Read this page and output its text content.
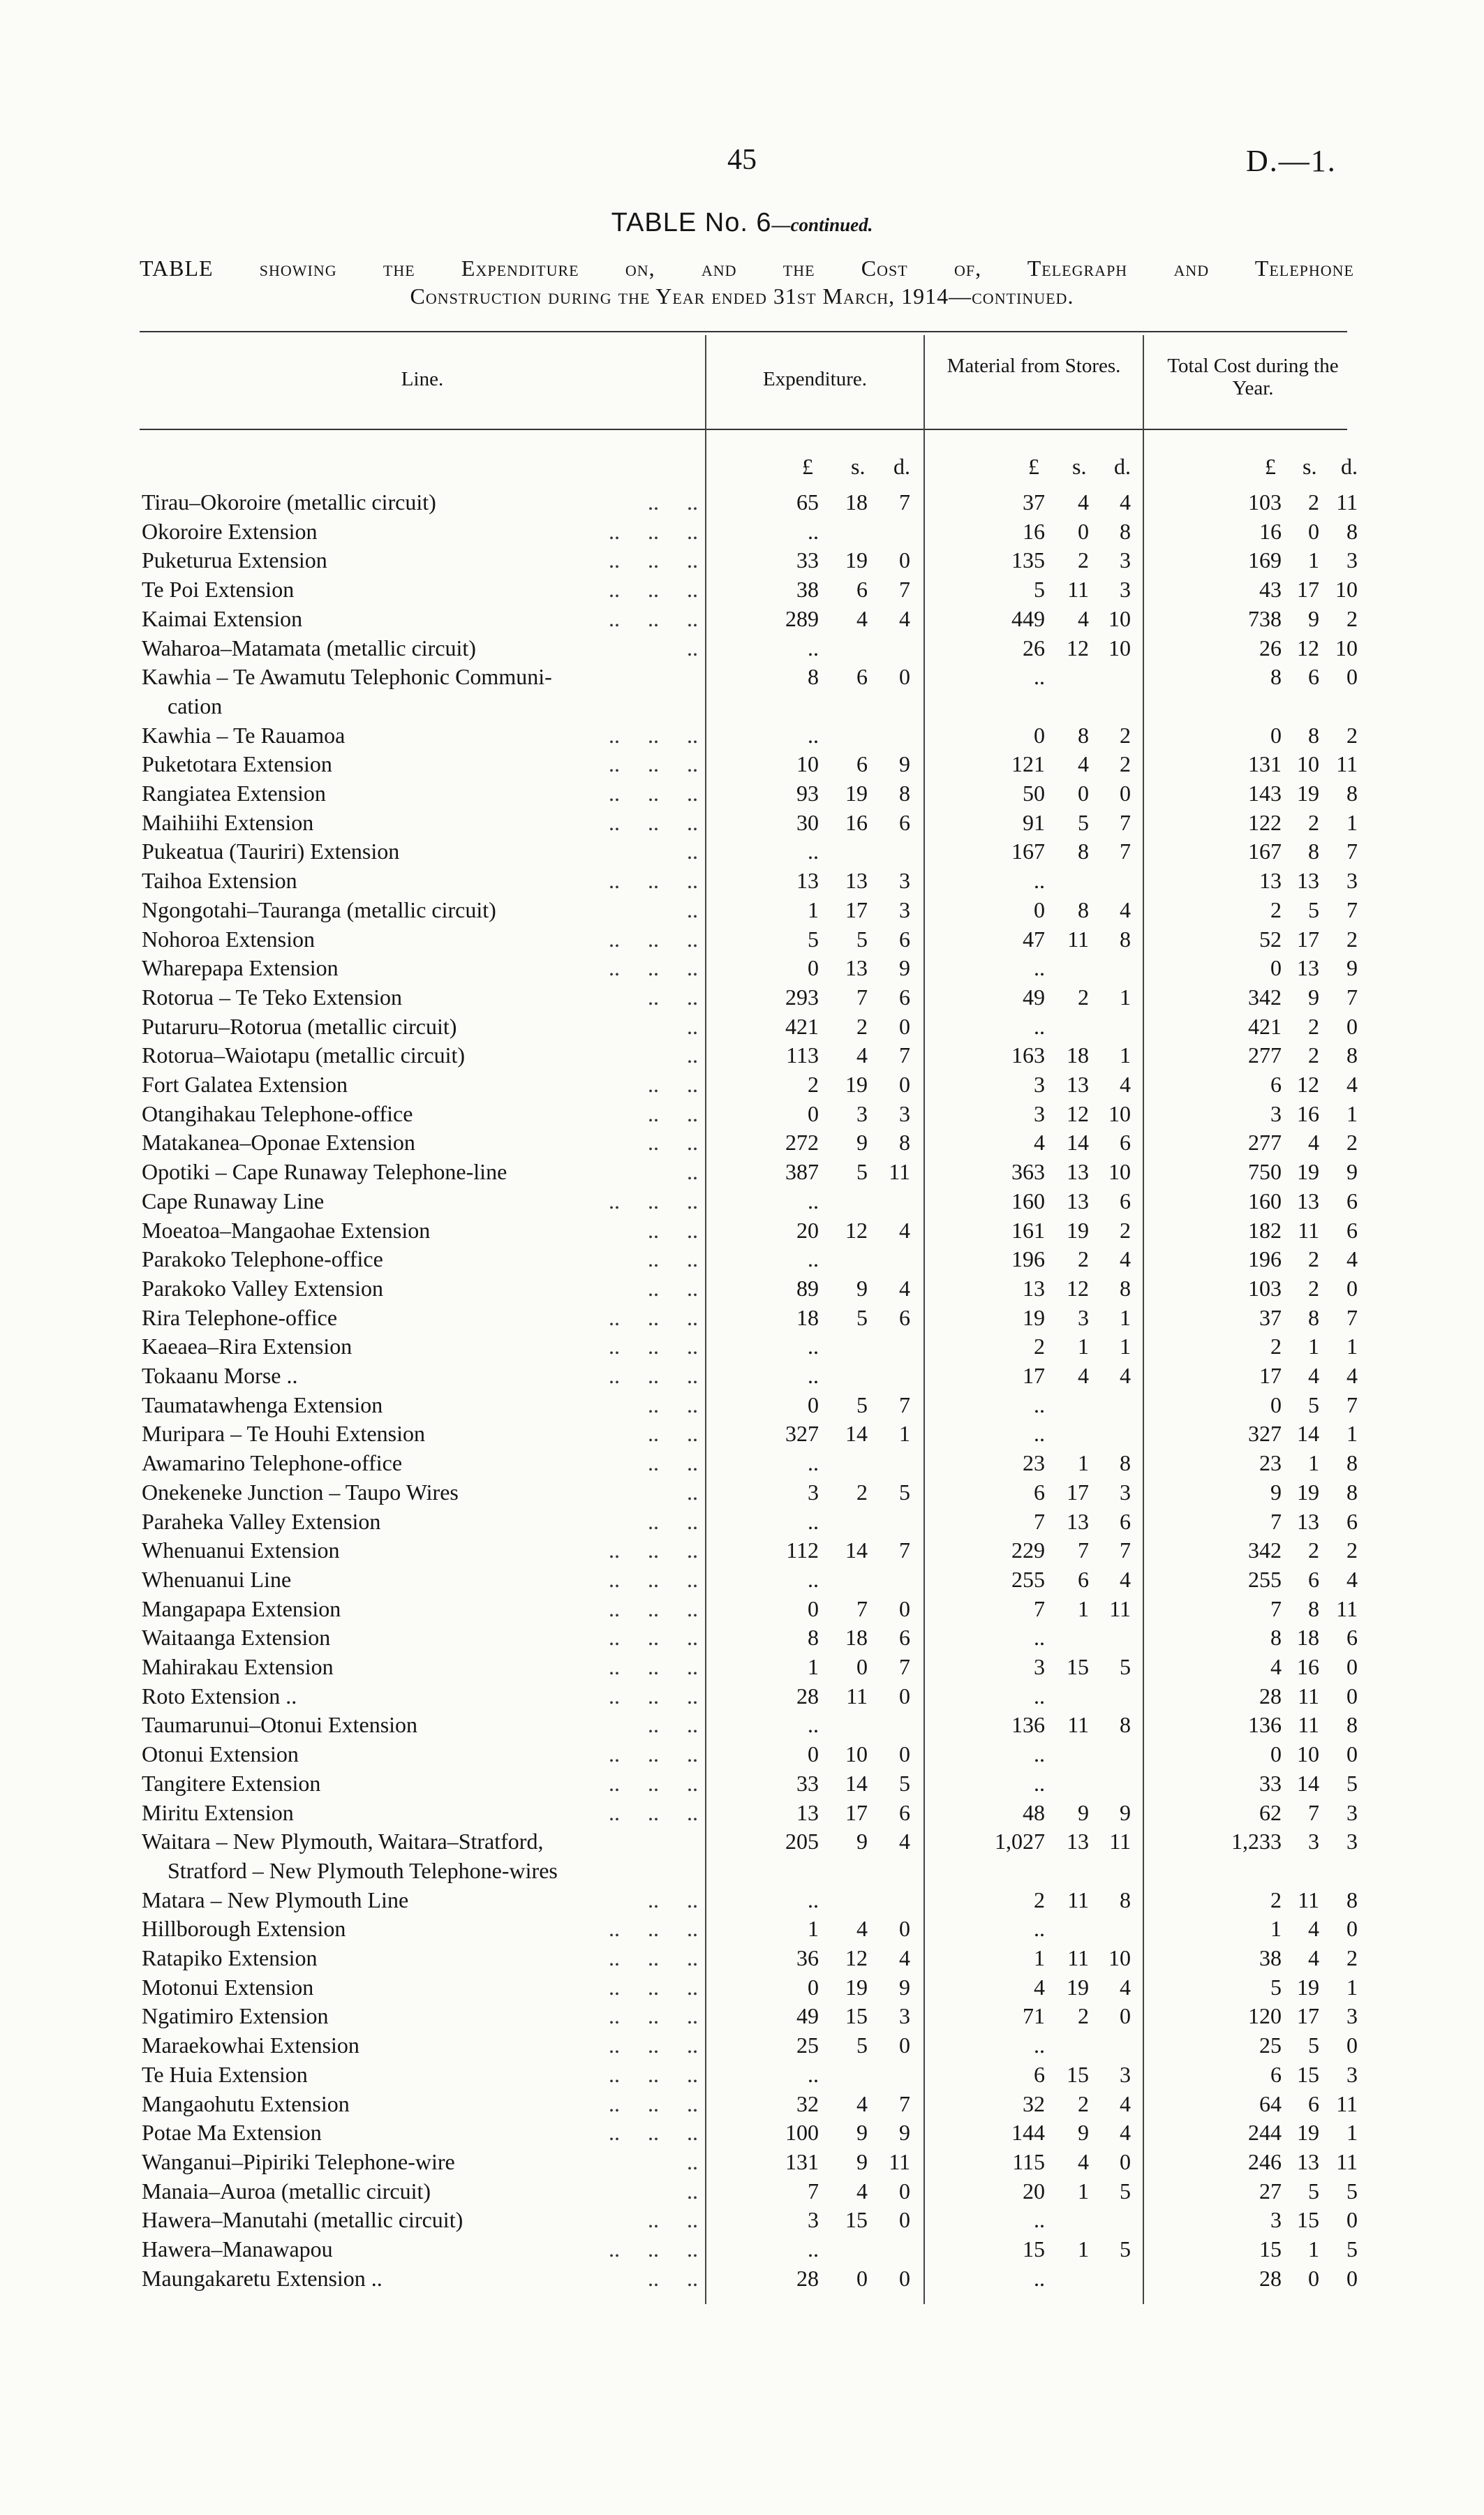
45	D.—1.
TABLE No. 6—continued.
TABLE showing the Expenditure on, and the Cost of, Telegraph and Telephone
Construction during the Year ended 31st March, 1914—continued.
Line.	Expenditure.
Material from Stores.	Total Cost during the Year.
£ s. d.	£ s. d.	£ s. d.
Tirau–Okoroire (metallic circuit)	..     ..	65 18 7	37 4 4	103 2 11
Okoroire Extension	..     ..     ..	..	16 0 8	16 0 8
Puketurua Extension	..     ..     ..	33 19 0	135 2 3	169 1 3
Te Poi Extension	..     ..     ..	38 6 7	5 11 3	43 17 10
Kaimai Extension	..     ..     ..	289 4 4	449 4 10	738 9 2
Waharoa–Matamata (metallic circuit)	..	..	26 12 10	26 12 10
Kawhia – Te Awamutu Telephonic Communi-	8 6 0	..	8 6 0
cation
Kawhia – Te Rauamoa	..     ..     ..	..	0 8 2	0 8 2
Puketotara Extension	..     ..     ..	10 6 9	121 4 2	131 10 11
Rangiatea Extension	..     ..     ..	93 19 8	50 0 0	143 19 8
Maihiihi Extension	..     ..     ..	30 16 6	91 5 7	122 2 1
Pukeatua (Tauriri) Extension	..	..	167 8 7	167 8 7
Taihoa Extension	..     ..     ..	13 13 3	..	13 13 3
Ngongotahi–Tauranga (metallic circuit)	..	1 17 3	0 8 4	2 5 7
Nohoroa Extension	..     ..     ..	5 5 6	47 11 8	52 17 2
Wharepapa Extension	..     ..     ..	0 13 9	..	0 13 9
Rotorua – Te Teko Extension	..     ..	293 7 6	49 2 1	342 9 7
Putaruru–Rotorua (metallic circuit)	..	421 2 0	..	421 2 0
Rotorua–Waiotapu (metallic circuit)	..	113 4 7	163 18 1	277 2 8
Fort Galatea Extension	..     ..	2 19 0	3 13 4	6 12 4
Otangihakau Telephone-office	..     ..	0 3 3	3 12 10	3 16 1
Matakanea–Oponae Extension	..     ..	272 9 8	4 14 6	277 4 2
Opotiki – Cape Runaway Telephone-line	..	387 5 11	363 13 10	750 19 9
Cape Runaway Line	..     ..     ..	..	160 13 6	160 13 6
Moeatoa–Mangaohae Extension	..     ..	20 12 4	161 19 2	182 11 6
Parakoko Telephone-office	..     ..	..	196 2 4	196 2 4
Parakoko Valley Extension	..     ..	89 9 4	13 12 8	103 2 0
Rira Telephone-office	..     ..     ..	18 5 6	19 3 1	37 8 7
Kaeaea–Rira Extension	..     ..     ..	..	2 1 1	2 1 1
Tokaanu Morse ..	..     ..     ..	..	17 4 4	17 4 4
Taumatawhenga Extension	..     ..	0 5 7	..	0 5 7
Muripara – Te Houhi Extension	..     ..	327 14 1	..	327 14 1
Awamarino Telephone-office	..     ..	..	23 1 8	23 1 8
Onekeneke Junction – Taupo Wires	..	3 2 5	6 17 3	9 19 8
Paraheka Valley Extension	..     ..	..	7 13 6	7 13 6
Whenuanui Extension	..     ..     ..	112 14 7	229 7 7	342 2 2
Whenuanui Line	..     ..     ..	..	255 6 4	255 6 4
Mangapapa Extension	..     ..     ..	0 7 0	7 1 11	7 8 11
Waitaanga Extension	..     ..     ..	8 18 6	..	8 18 6
Mahirakau Extension	..     ..     ..	1 0 7	3 15 5	4 16 0
Roto Extension ..	..     ..     ..	28 11 0	..	28 11 0
Taumarunui–Otonui Extension	..     ..	..	136 11 8	136 11 8
Otonui Extension	..     ..     ..	0 10 0	..	0 10 0
Tangitere Extension	..     ..     ..	33 14 5	..	33 14 5
Miritu Extension	..     ..     ..	13 17 6	48 9 9	62 7 3
Waitara – New Plymouth, Waitara–Stratford,	205 9 4	1,027 13 11	1,233 3 3
Stratford – New Plymouth Telephone-wires
Matara – New Plymouth Line	..     ..	..	2 11 8	2 11 8
Hillborough Extension	..     ..     ..	1 4 0	..	1 4 0
Ratapiko Extension	..     ..     ..	36 12 4	1 11 10	38 4 2
Motonui Extension	..     ..     ..	0 19 9	4 19 4	5 19 1
Ngatimiro Extension	..     ..     ..	49 15 3	71 2 0	120 17 3
Maraekowhai Extension	..     ..     ..	25 5 0	..	25 5 0
Te Huia Extension	..     ..     ..	..	6 15 3	6 15 3
Mangaohutu Extension	..     ..     ..	32 4 7	32 2 4	64 6 11
Potae Ma Extension	..     ..     ..	100 9 9	144 9 4	244 19 1
Wanganui–Pipiriki Telephone-wire	..	131 9 11	115 4 0	246 13 11
Manaia–Auroa (metallic circuit)	..	7 4 0	20 1 5	27 5 5
Hawera–Manutahi (metallic circuit)	..     ..	3 15 0	..	3 15 0
Hawera–Manawapou	..     ..     ..	..	15 1 5	15 1 5
Maungakaretu Extension ..	..     ..	28 0 0	..	28 0 0
